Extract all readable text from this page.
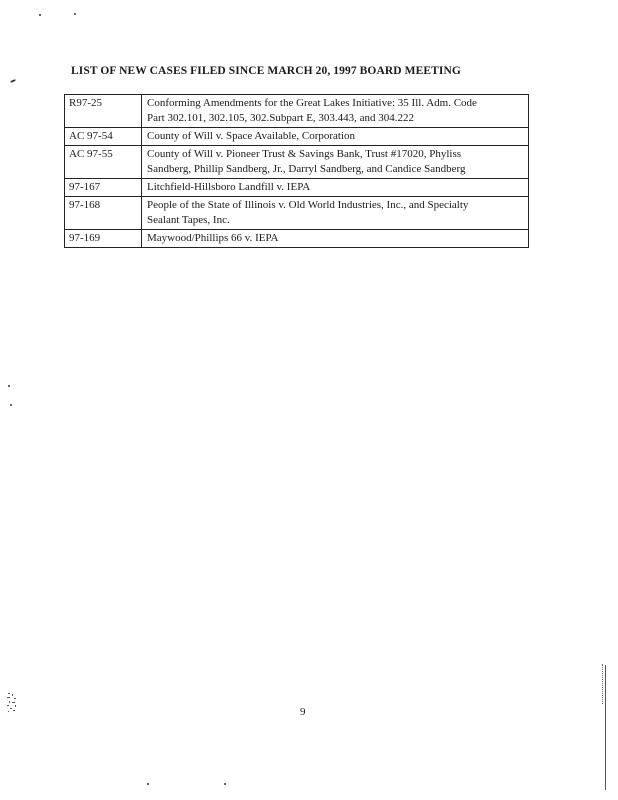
LIST OF NEW CASES FILED SINCE MARCH 20, 1997 BOARD MEETING
R97-25	Conforming Amendments for the Great Lakes Initiative: 35 Ill. Adm. Code
Part 302.101, 302.105, 302.Subpart E, 303.443, and 304.222
AC 97-54	County of Will v. Space Available, Corporation
AC 97-55	County of Will v. Pioneer Trust & Savings Bank, Trust #17020, Phyliss
Sandberg, Phillip Sandberg, Jr., Darryl Sandberg, and Candice Sandberg
97-167	Litchfield-Hillsboro Landfill v. IEPA
97-168	People of the State of Illinois v. Old World Industries, Inc., and Specialty
Sealant Tapes, Inc.
97-169	Maywood/Phillips 66 v. IEPA
9
